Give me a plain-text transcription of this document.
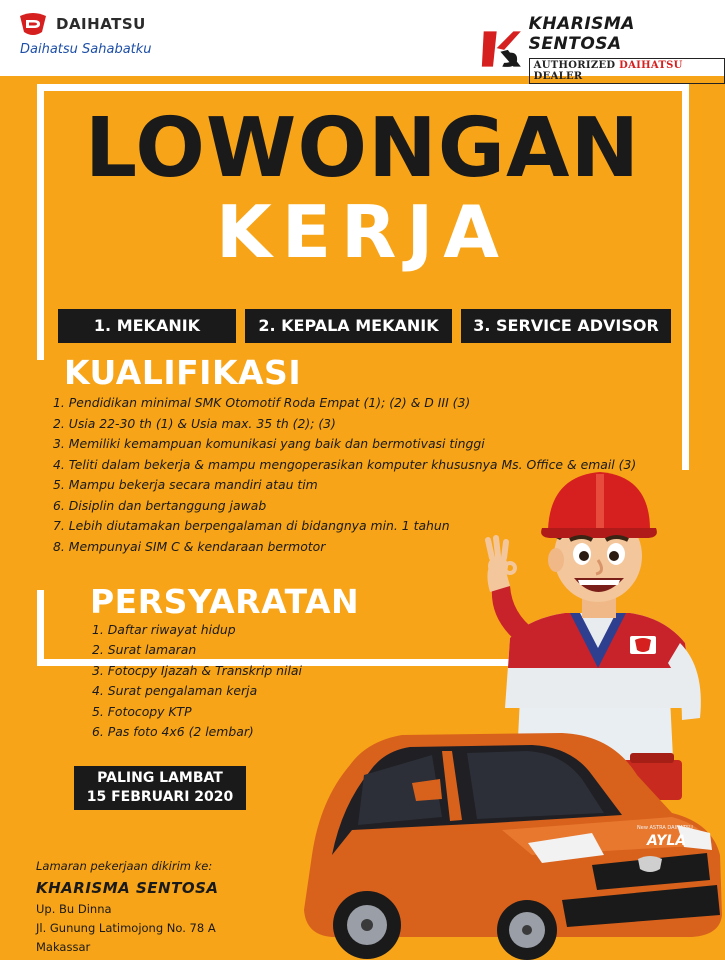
DAIHATSU
Daihatsu Sahabatku
KHARISMA SENTOSA
AUTHORIZED DAIHATSU DEALER
LOWONGAN
KERJA
1. MEKANIK	2. KEPALA MEKANIK	3. SERVICE ADVISOR
KUALIFIKASI
1. Pendidikan minimal SMK Otomotif Roda Empat (1); (2) & D III (3)
2. Usia 22-30 th (1) & Usia max. 35 th (2); (3)
3. Memiliki kemampuan komunikasi yang baik dan bermotivasi tinggi
4. Teliti dalam bekerja & mampu mengoperasikan komputer khususnya Ms. Office & email (3)
5. Mampu bekerja secara mandiri atau tim
6. Disiplin dan bertanggung jawab
7. Lebih diutamakan berpengalaman di bidangnya min. 1 tahun
8. Mempunyai SIM C & kendaraan bermotor
PERSYARATAN
1. Daftar riwayat hidup
2. Surat lamaran
3. Fotocpy Ijazah & Transkrip nilai
4. Surat pengalaman kerja
5. Fotocopy KTP
6. Pas foto 4x6 (2 lembar)
PALING LAMBAT
15 FEBRUARI 2020
Lamaran pekerjaan dikirim ke:
KHARISMA SENTOSA
Up. Bu Dinna
Jl. Gunung Latimojong No. 78 A
Makassar
New ASTRA DAIHATSU
AYLA
